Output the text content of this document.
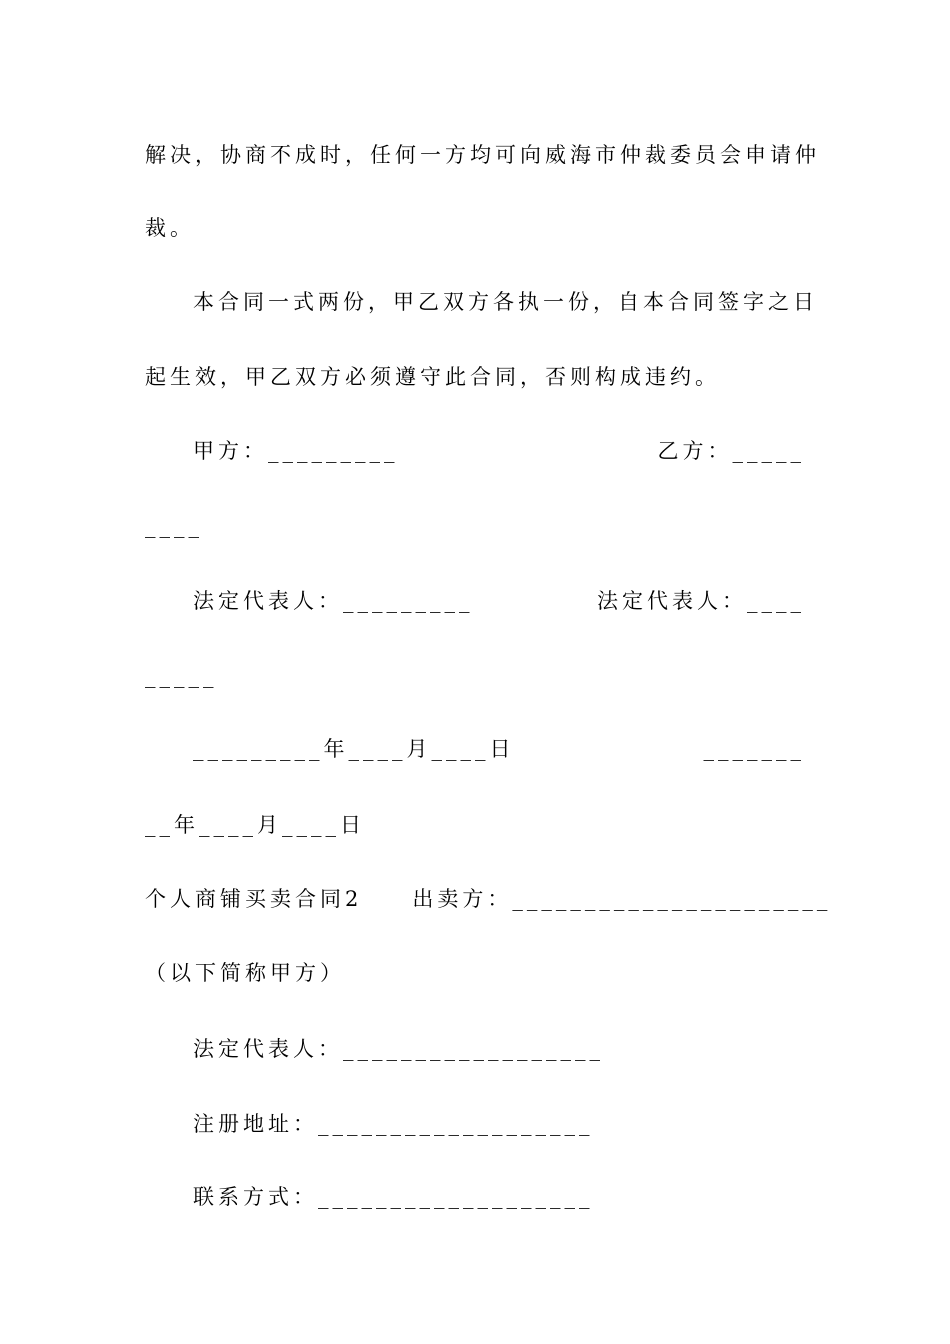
解决，协商不成时，任何一方均可向威海市仲裁委员会申请仲
裁。
本合同一式两份，甲乙双方各执一份，自本合同签字之日
起生效，甲乙双方必须遵守此合同，否则构成违约。
甲方：_________	乙方：_____
____
法定代表人：_________	法定代表人：____
_____
_________年____月____日	_______
__年____月____日
个人商铺买卖合同2　　出卖方：______________________
（以下简称甲方）
法定代表人：__________________
注册地址：___________________
联系方式：___________________
